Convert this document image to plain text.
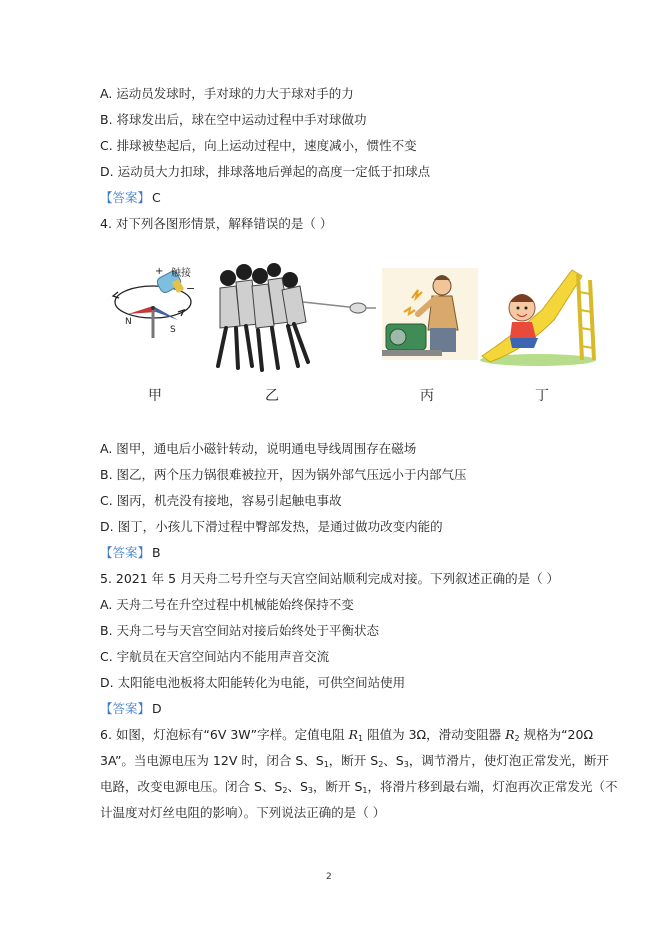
A. 运动员发球时，手对球的力大于球对手的力
B. 将球发出后，球在空中运动过程中手对球做功
C. 排球被垫起后，向上运动过程中，速度减小，惯性不变
D. 运动员大力扣球，排球落地后弹起的高度一定低于扣球点
【答案】 C
4. 对下列各图形情景，解释错误的是（ ）
+
−
触接
N
S
甲	乙	丙	丁
A. 图甲，通电后小磁针转动，说明通电导线周围存在磁场
B. 图乙，两个压力锅很难被拉开，因为锅外部气压远小于内部气压
C. 图丙，机壳没有接地，容易引起触电事故
D. 图丁，小孩儿下滑过程中臀部发热，是通过做功改变内能的
【答案】 B
5. 2021 年 5 月天舟二号升空与天宫空间站顺利完成对接。下列叙述正确的是（ ）
A. 天舟二号在升空过程中机械能始终保持不变
B. 天舟二号与天宫空间站对接后始终处于平衡状态
C. 宇航员在天宫空间站内不能用声音交流
D. 太阳能电池板将太阳能转化为电能，可供空间站使用
【答案】 D
6. 如图，灯泡标有“6V 3W”字样。定值电阻 $R_1$ 阻值为 3Ω，滑动变阻器 $R_2$ 规格为“20Ω
3A”。当电源电压为 12V 时，闭合 S、$S_1$，断开 $S_2$、$S_3$，调节滑片，使灯泡正常发光，断开
电路，改变电源电压。闭合 S、$S_2$、$S_3$，断开 $S_1$，将滑片移到最右端，灯泡再次正常发光（不
计温度对灯丝电阻的影响）。下列说法正确的是（ ）
2
